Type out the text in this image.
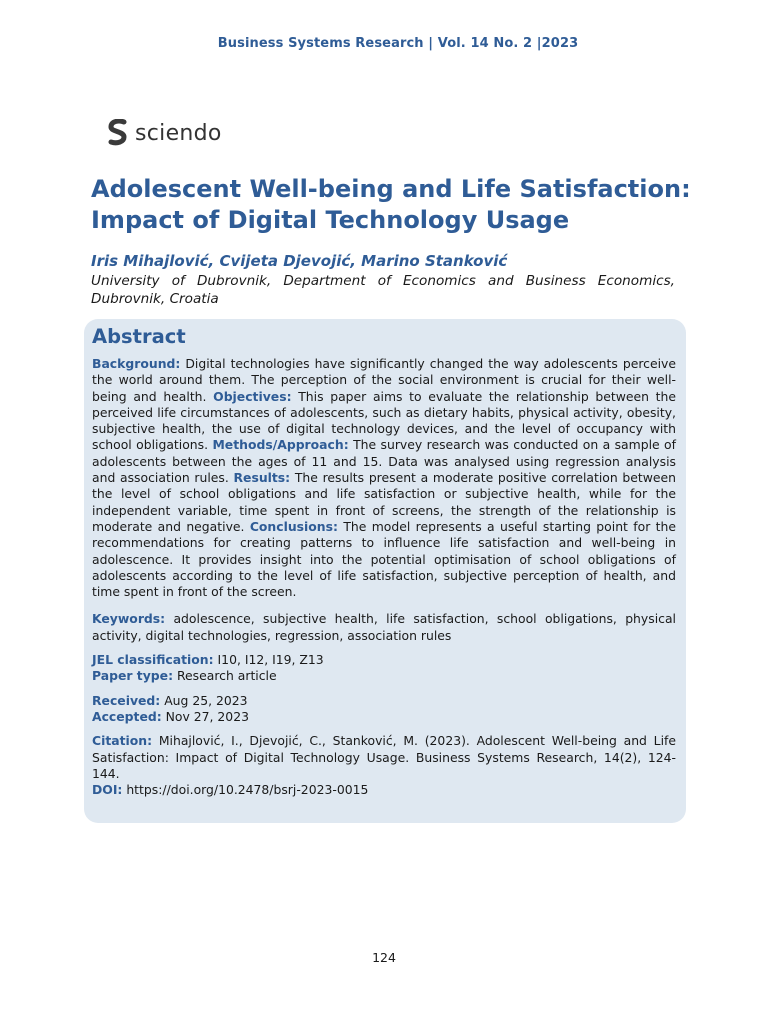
Business Systems Research | Vol. 14 No. 2 |2023
sciendo
Adolescent Well-being and Life Satisfaction: Impact of Digital Technology Usage
Iris Mihajlović, Cvijeta Djevojić, Marino Stanković
University of Dubrovnik, Department of Economics and Business Economics, Dubrovnik, Croatia
Abstract

Background: Digital technologies have significantly changed the way adolescents perceive the world around them. The perception of the social environment is crucial for their well-being and health. Objectives: This paper aims to evaluate the relationship between the perceived life circumstances of adolescents, such as dietary habits, physical activity, obesity, subjective health, the use of digital technology devices, and the level of occupancy with school obligations. Methods/Approach: The survey research was conducted on a sample of adolescents between the ages of 11 and 15. Data was analysed using regression analysis and association rules. Results: The results present a moderate positive correlation between the level of school obligations and life satisfaction or subjective health, while for the independent variable, time spent in front of screens, the strength of the relationship is moderate and negative. Conclusions: The model represents a useful starting point for the recommendations for creating patterns to influence life satisfaction and well-being in adolescence. It provides insight into the potential optimisation of school obligations of adolescents according to the level of life satisfaction, subjective perception of health, and time spent in front of the screen.

Keywords: adolescence, subjective health, life satisfaction, school obligations, physical activity, digital technologies, regression, association rules

JEL classification: I10, I12, I19, Z13
Paper type: Research article

Received: Aug 25, 2023
Accepted: Nov 27, 2023

Citation: Mihajlović, I., Djevojić, C., Stanković, M. (2023). Adolescent Well-being and Life Satisfaction: Impact of Digital Technology Usage. Business Systems Research, 14(2), 124-144.
DOI: https://doi.org/10.2478/bsrj-2023-0015

124
